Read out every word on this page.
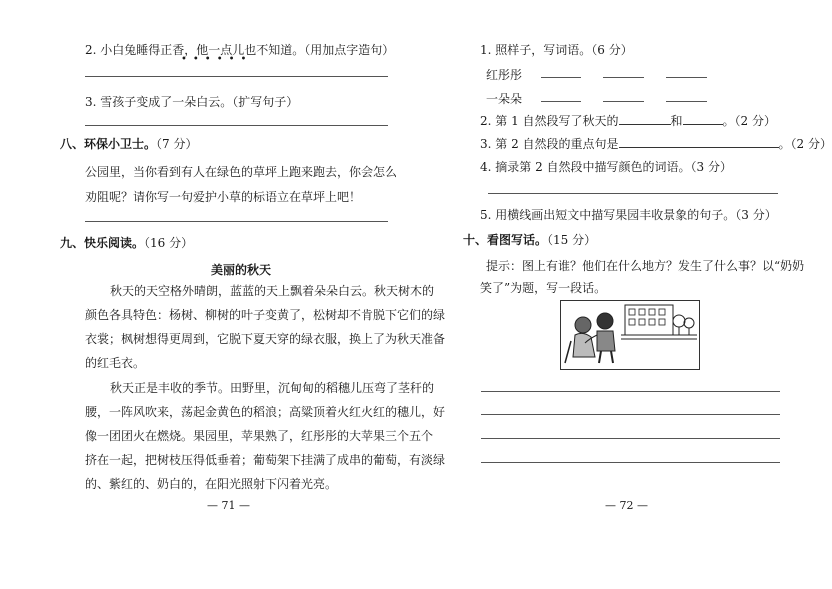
2. 小白兔睡得正香，他一点儿也不知道。（用加点字造句）
••••••
3. 雪孩子变成了一朵白云。（扩写句子）
八、环保小卫士。（7 分）
公园里，当你看到有人在绿色的草坪上跑来跑去，你会怎么
劝阻呢？请你写一句爱护小草的标语立在草坪上吧！
九、快乐阅读。（16 分）
美丽的秋天
秋天的天空格外晴朗，蓝蓝的天上飘着朵朵白云。秋天树木的
颜色各具特色：杨树、柳树的叶子变黄了，松树却不肯脱下它们的绿
衣裳；枫树想得更周到，它脱下夏天穿的绿衣服，换上了为秋天准备
的红毛衣。
秋天正是丰收的季节。田野里，沉甸甸的稻穗儿压弯了茎秆的
腰，一阵风吹来，荡起金黄色的稻浪；高粱顶着火红火红的穗儿，好
像一团团火在燃烧。果园里，苹果熟了，红彤彤的大苹果三个五个
挤在一起，把树枝压得低垂着；葡萄架下挂满了成串的葡萄，有淡绿
的、紫红的、奶白的，在阳光照射下闪着光亮。
— 71 —
1. 照样子，写词语。（6 分）
红彤彤
一朵朵
2. 第 1 自然段写了秋天的	和	。（2 分）
3. 第 2 自然段的重点句是	。（2 分）
4. 摘录第 2 自然段中描写颜色的词语。（3 分）
5. 用横线画出短文中描写果园丰收景象的句子。（3 分）
十、看图写话。（15 分）
提示：图上有谁？他们在什么地方？发生了什么事？以“奶奶
笑了”为题，写一段话。
— 72 —
